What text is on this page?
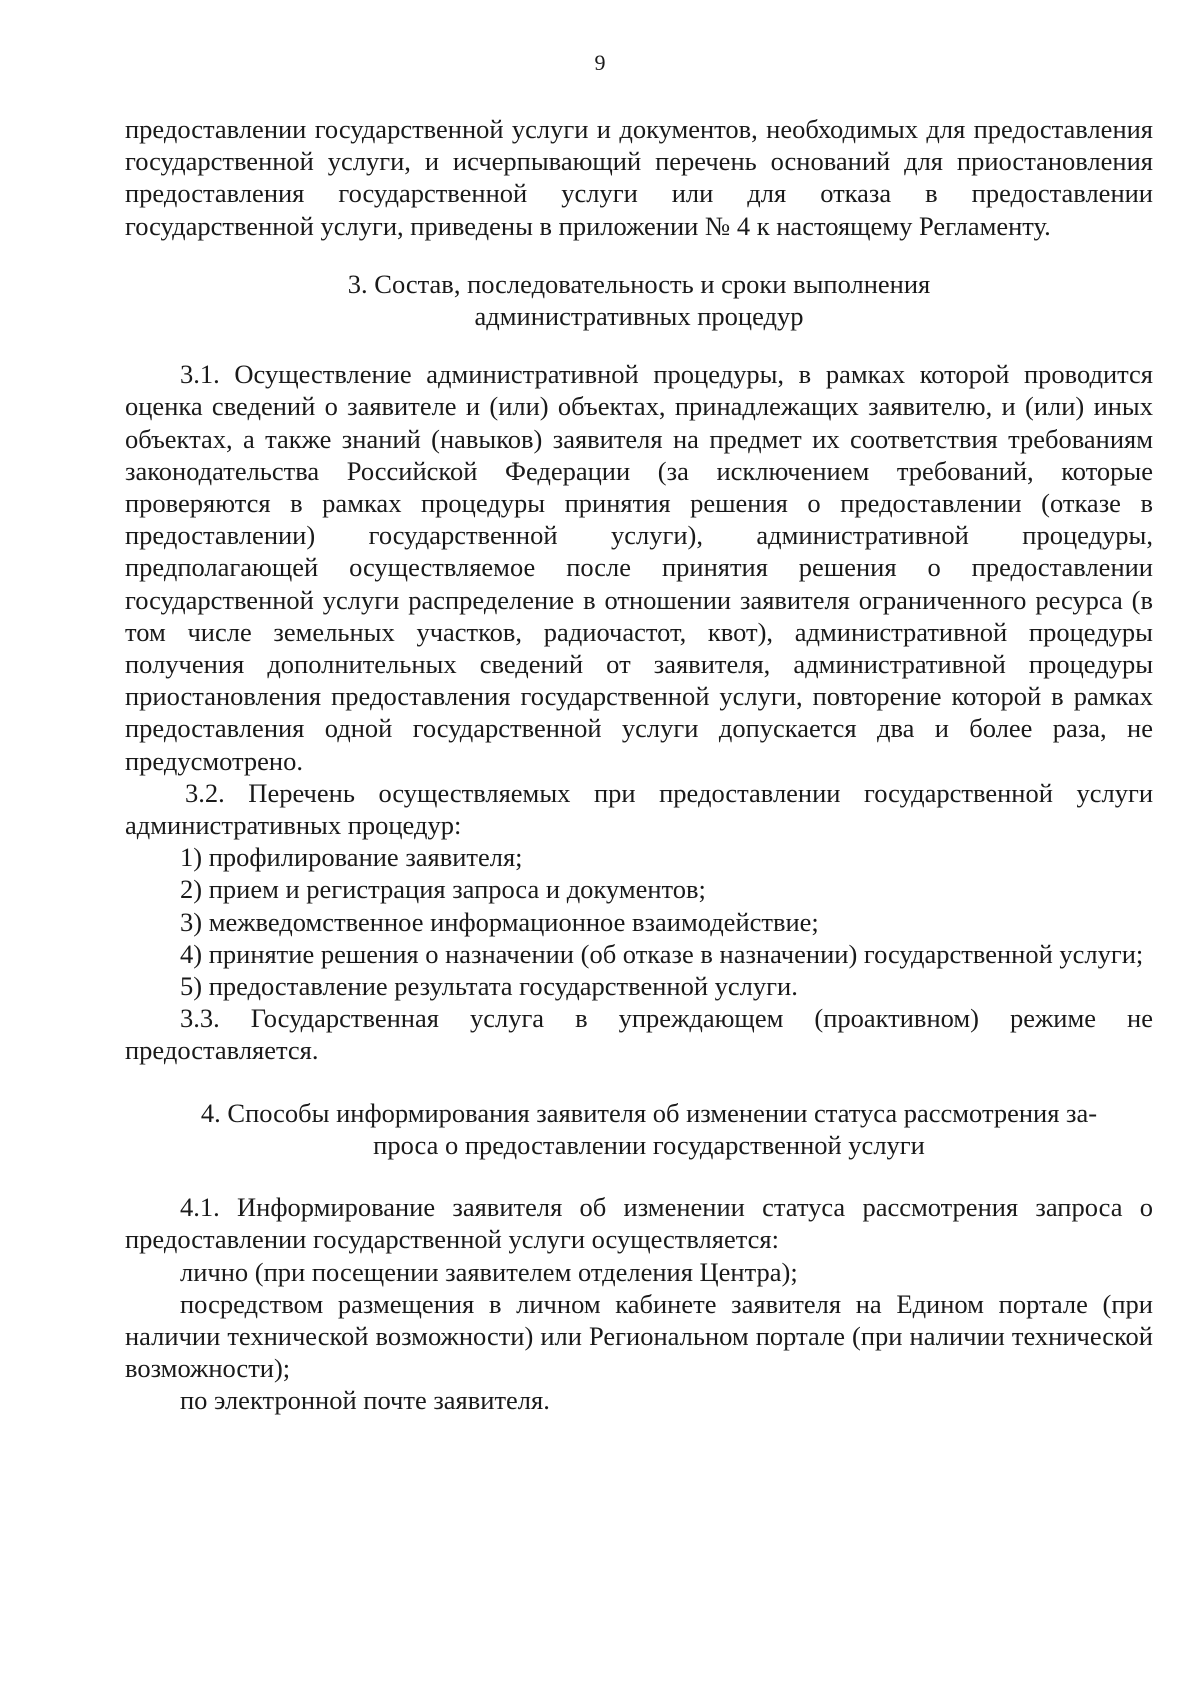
9

предоставлении государственной услуги и документов, необходимых для предоставления государственной услуги, и исчерпывающий перечень оснований для приостановления предоставления государственной услуги или для отказа в предоставлении государственной услуги, приведены в приложении № 4 к настоящему Регламенту.

3. Состав, последовательность и сроки выполнения
административных процедур

3.1. Осуществление административной процедуры, в рамках которой проводится оценка сведений о заявителе и (или) объектах, принадлежащих заявителю, и (или) иных объектах, а также знаний (навыков) заявителя на предмет их соответствия требованиям законодательства Российской Федерации (за исключением требований, которые проверяются в рамках процедуры принятия решения о предоставлении (отказе в предоставлении) государственной услуги), административной процедуры, предполагающей осуществляемое после принятия решения о предоставлении государственной услуги распределение в отношении заявителя ограниченного ресурса (в том числе земельных участков, радиочастот, квот), административной процедуры получения дополнительных сведений от заявителя, административной процедуры приостановления предоставления государственной услуги, повторение которой в рамках предоставления одной государственной услуги допускается два и более раза, не предусмотрено.

3.2. Перечень осуществляемых при предоставлении государственной услуги административных процедур:

1) профилирование заявителя;

2) прием и регистрация запроса и документов;

3) межведомственное информационное взаимодействие;

4) принятие решения о назначении (об отказе в назначении) государственной услуги;

5) предоставление результата государственной услуги.

3.3. Государственная услуга в упреждающем (проактивном) режиме не предоставляется.

4. Способы информирования заявителя об изменении статуса рассмотрения за-
проса о предоставлении государственной услуги

4.1. Информирование заявителя об изменении статуса рассмотрения запроса о предоставлении государственной услуги осуществляется:

лично (при посещении заявителем отделения Центра);

посредством размещения в личном кабинете заявителя на Едином портале (при наличии технической возможности) или Региональном портале (при наличии технической возможности);

по электронной почте заявителя.
